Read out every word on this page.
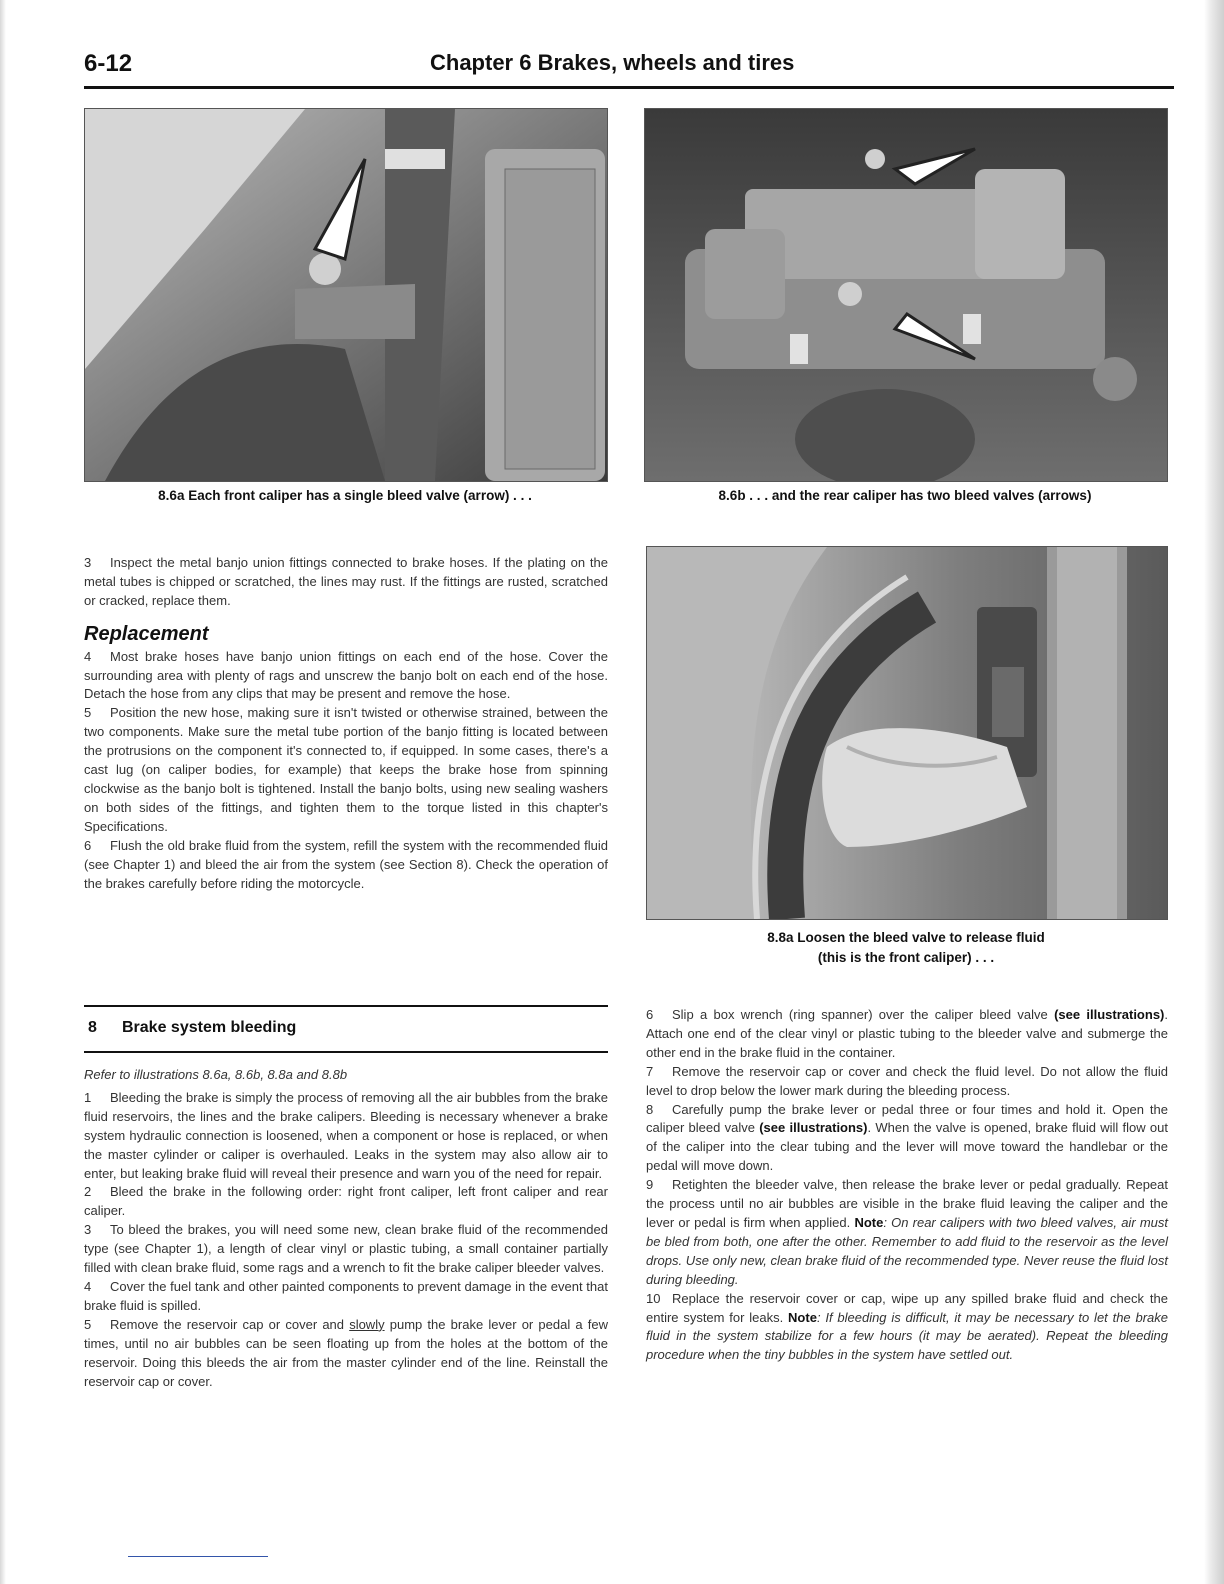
6-12	Chapter 6 Brakes, wheels and tires
8.6a Each front caliper has a single bleed valve (arrow) . . .	8.6b . . . and the rear caliper has two bleed valves (arrows)
8.8a Loosen the bleed valve to release fluid
(this is the front caliper) . . .

3 Inspect the metal banjo union fittings connected to brake hoses. If the plating on the metal tubes is chipped or scratched, the lines may rust. If the fittings are rusted, scratched or cracked, replace them.

Replacement

4 Most brake hoses have banjo union fittings on each end of the hose. Cover the surrounding area with plenty of rags and unscrew the banjo bolt on each end of the hose. Detach the hose from any clips that may be present and remove the hose.

5 Position the new hose, making sure it isn't twisted or otherwise strained, between the two components. Make sure the metal tube portion of the banjo fitting is located between the protrusions on the component it's connected to, if equipped. In some cases, there's a cast lug (on caliper bodies, for example) that keeps the brake hose from spinning clockwise as the banjo bolt is tightened. Install the banjo bolts, using new sealing washers on both sides of the fittings, and tighten them to the torque listed in this chapter's Specifications.

6 Flush the old brake fluid from the system, refill the system with the recommended fluid (see Chapter 1) and bleed the air from the system (see Section 8). Check the operation of the brakes carefully before riding the motorcycle.

8 Brake system bleeding

Refer to illustrations 8.6a, 8.6b, 8.8a and 8.8b

1 Bleeding the brake is simply the process of removing all the air bubbles from the brake fluid reservoirs, the lines and the brake calipers. Bleeding is necessary whenever a brake system hydraulic connection is loosened, when a component or hose is replaced, or when the master cylinder or caliper is overhauled. Leaks in the system may also allow air to enter, but leaking brake fluid will reveal their presence and warn you of the need for repair.

2 Bleed the brake in the following order: right front caliper, left front caliper and rear caliper.

3 To bleed the brakes, you will need some new, clean brake fluid of the recommended type (see Chapter 1), a length of clear vinyl or plastic tubing, a small container partially filled with clean brake fluid, some rags and a wrench to fit the brake caliper bleeder valves.

4 Cover the fuel tank and other painted components to prevent damage in the event that brake fluid is spilled.

5 Remove the reservoir cap or cover and slowly pump the brake lever or pedal a few times, until no air bubbles can be seen floating up from the holes at the bottom of the reservoir. Doing this bleeds the air from the master cylinder end of the line. Reinstall the reservoir cap or cover.

6 Slip a box wrench (ring spanner) over the caliper bleed valve (see illustrations). Attach one end of the clear vinyl or plastic tubing to the bleeder valve and submerge the other end in the brake fluid in the container.

7 Remove the reservoir cap or cover and check the fluid level. Do not allow the fluid level to drop below the lower mark during the bleeding process.

8 Carefully pump the brake lever or pedal three or four times and hold it. Open the caliper bleed valve (see illustrations). When the valve is opened, brake fluid will flow out of the caliper into the clear tubing and the lever will move toward the handlebar or the pedal will move down.

9 Retighten the bleeder valve, then release the brake lever or pedal gradually. Repeat the process until no air bubbles are visible in the brake fluid leaving the caliper and the lever or pedal is firm when applied. Note: On rear calipers with two bleed valves, air must be bled from both, one after the other. Remember to add fluid to the reservoir as the level drops. Use only new, clean brake fluid of the recommended type. Never reuse the fluid lost during bleeding.

10 Replace the reservoir cover or cap, wipe up any spilled brake fluid and check the entire system for leaks. Note: If bleeding is difficult, it may be necessary to let the brake fluid in the system stabilize for a few hours (it may be aerated). Repeat the bleeding procedure when the tiny bubbles in the system have settled out.
